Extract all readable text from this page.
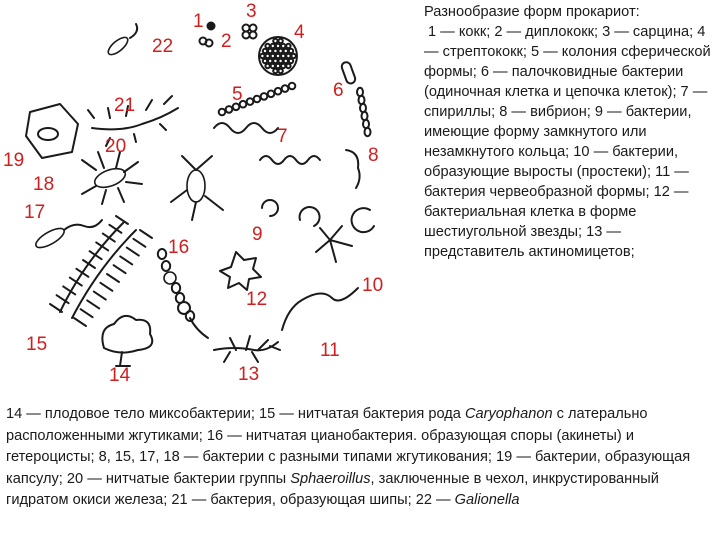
1
2
3
4
5	6
7
8
9
10
11
12
13
14
15
16
17
18
19
20
21
22
Разнообразие форм прокариот:
1 — кокк; 2 — диплококк; 3 — сарцина; 4 — стрептококк; 5 — колония сферической формы; 6 — палочковидные бактерии (одиночная клетка и цепочка клеток); 7 — спириллы; 8 — вибрион; 9 — бактерии, имеющие форму замкнутого или незамкнутого кольца; 10 — бактерии, образующие выросты (простеки); 11 — бактерия червеобразной формы; 12 — бактериальная клетка в форме шестиугольной звезды; 13 — представитель актиномицетов;
14 — плодовое тело миксобактерии; 15 — нитчатая бактерия рода Caryophanon с латерально расположенными жгутиками; 16 — нитчатая цианобактерия. образующая споры (акинеты) и гетероцисты; 8, 15, 17, 18 — бактерии с разными типами жгутикования; 19 — бактерии, образующая капсулу; 20 — нитчатые бактерии группы Sphaeroillus, заключенные в чехол, инкрустированный гидратом окиси железа; 21 — бактерия, образующая шипы; 22 — Galionella
